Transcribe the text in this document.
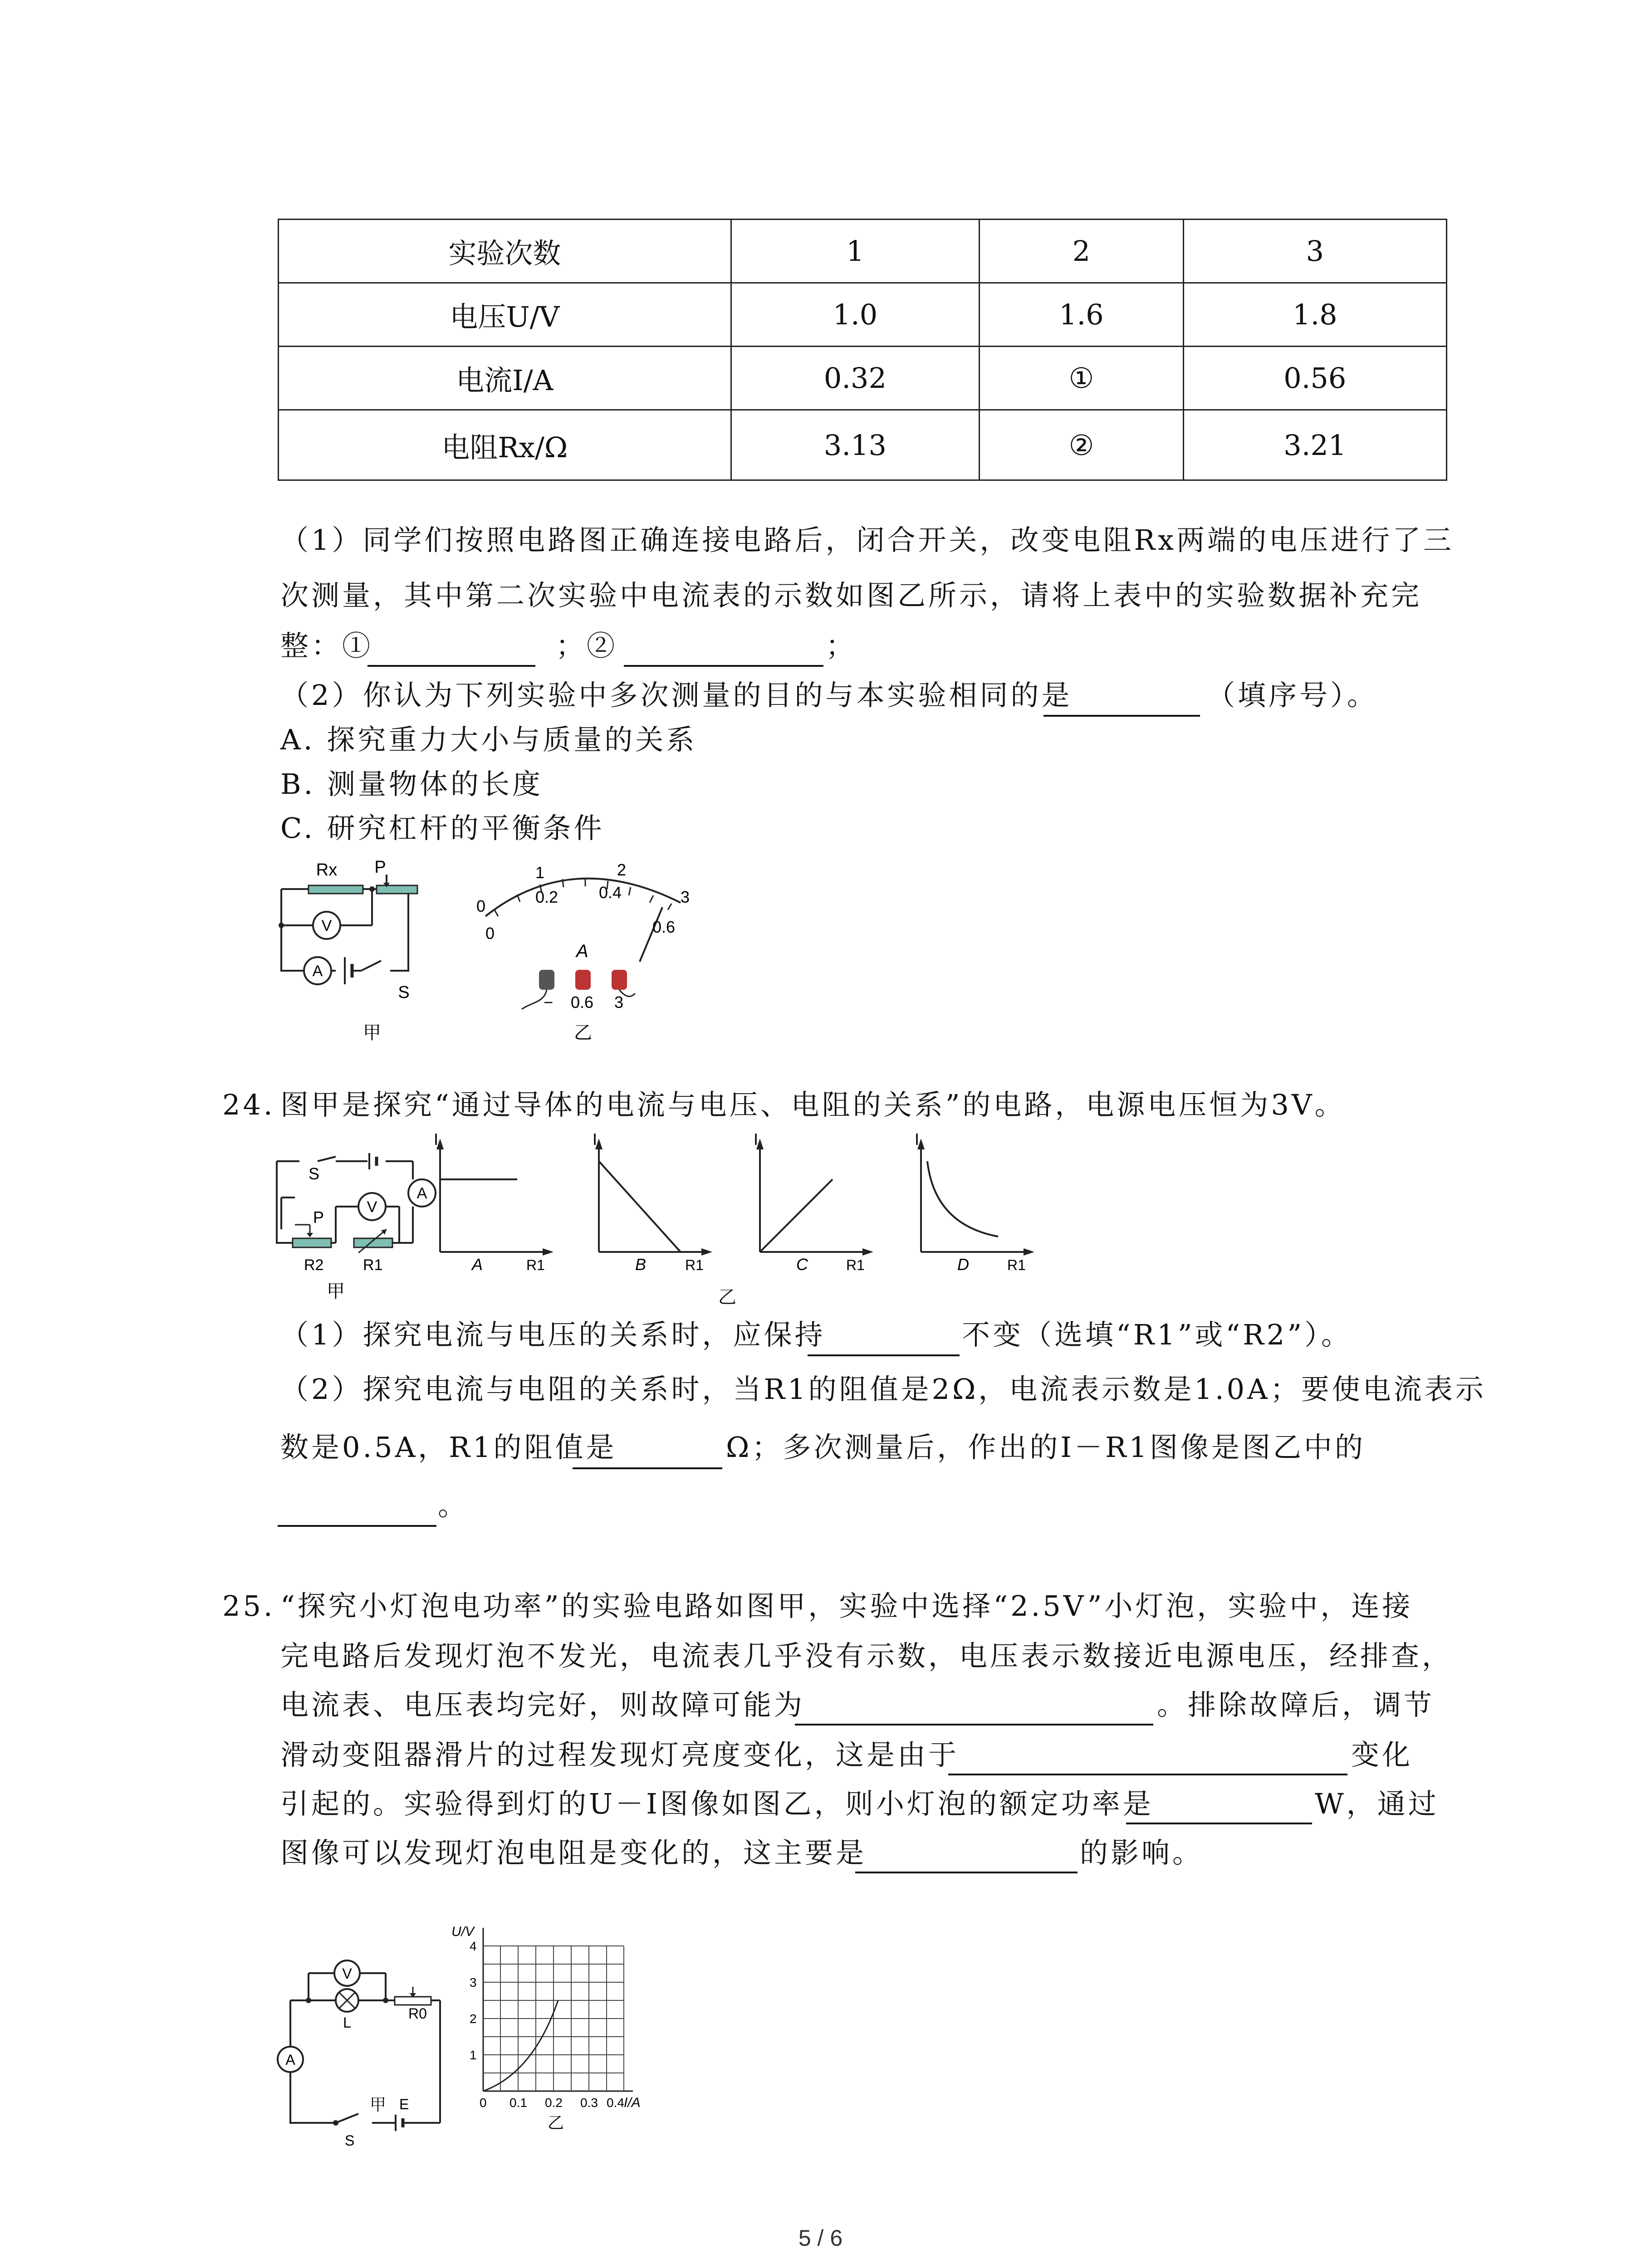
实验次数	1	2	3
电压U/V	1.0	1.6	1.8
电流I/A	0.32	①	0.56
电阻Rx/Ω	3.13	②	3.21
（1）同学们按照电路图正确连接电路后，闭合开关，改变电阻Rx两端的电压进行了三
次测量，其中第二次实验中电流表的示数如图乙所示，请将上表中的实验数据补充完
整：①	；②	；
（2）你认为下列实验中多次测量的目的与本实验相同的是	（填序号）。
A. 探究重力大小与质量的关系
B. 测量物体的长度
C. 研究杠杆的平衡条件
Rx P
V
A
S
甲
0
1	2
3
0
0.2 0.4
0.6
A
− 0.6 3
乙
24. 图甲是探究“通过导体的电流与电压、电阻的关系”的电路，电源电压恒为3V。
S
A
V
P
R2	R1
甲
I
R1
A
I
R1
B
I
R1
C
I
R1
D
乙
（1）探究电流与电压的关系时，应保持	不变（选填“R1”或“R2”）。
（2）探究电流与电阻的关系时，当R1的阻值是2Ω，电流表示数是1.0A；要使电流表示
数是0.5A，R1的阻值是	Ω；多次测量后，作出的I－R1图像是图乙中的
。
25. “探究小灯泡电功率”的实验电路如图甲，实验中选择“2.5V”小灯泡，实验中，连接
完电路后发现灯泡不发光，电流表几乎没有示数，电压表示数接近电源电压，经排查，
电流表、电压表均完好，则故障可能为	。排除故障后，调节
滑动变阻器滑片的过程发现灯亮度变化，这是由于	变化
引起的。实验得到灯的U－I图像如图乙，则小灯泡的额定功率是	W，通过
图像可以发现灯泡电阻是变化的，这主要是	的影响。
V
L
R0
A
S
E
甲
U/V
I/A
1
2
3
4
0 0.1 0.2 0.3 0.4
乙
5 / 6
